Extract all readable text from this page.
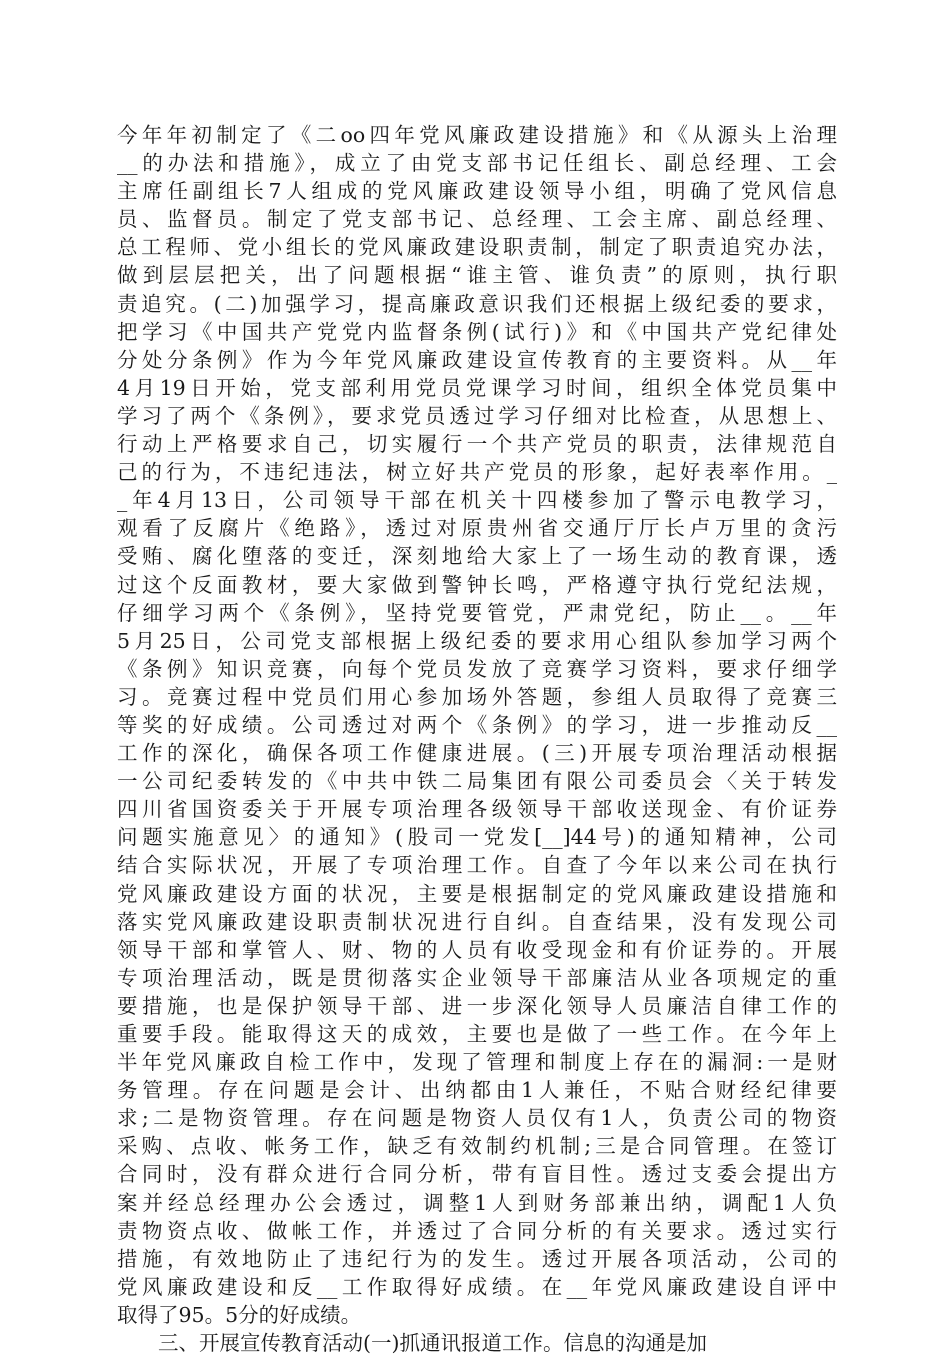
今年年初制定了《二oo四年党风廉政建设措施》和《从源头上治理
__的办法和措施》，成立了由党支部书记任组长、副总经理、工会
主席任副组长7人组成的党风廉政建设领导小组，明确了党风信息
员、监督员。制定了党支部书记、总经理、工会主席、副总经理、
总工程师、党小组长的党风廉政建设职责制，制定了职责追究办法，
做到层层把关，出了问题根据“谁主管、谁负责”的原则，执行职
责追究。(二)加强学习，提高廉政意识我们还根据上级纪委的要求，
把学习《中国共产党党内监督条例(试行)》和《中国共产党纪律处
分处分条例》作为今年党风廉政建设宣传教育的主要资料。从__年
4月19日开始，党支部利用党员党课学习时间，组织全体党员集中
学习了两个《条例》，要求党员透过学习仔细对比检查，从思想上、
行动上严格要求自己，切实履行一个共产党员的职责，法律规范自
己的行为，不违纪违法，树立好共产党员的形象，起好表率作用。_
_年4月13日，公司领导干部在机关十四楼参加了警示电教学习，
观看了反腐片《绝路》，透过对原贵州省交通厅厅长卢万里的贪污
受贿、腐化堕落的变迁，深刻地给大家上了一场生动的教育课，透
过这个反面教材，要大家做到警钟长鸣，严格遵守执行党纪法规，
仔细学习两个《条例》，坚持党要管党，严肃党纪，防止__。__年
5月25日，公司党支部根据上级纪委的要求用心组队参加学习两个
《条例》知识竞赛，向每个党员发放了竞赛学习资料，要求仔细学
习。竞赛过程中党员们用心参加场外答题，参组人员取得了竞赛三
等奖的好成绩。公司透过对两个《条例》的学习，进一步推动反__
工作的深化，确保各项工作健康进展。(三)开展专项治理活动根据
一公司纪委转发的《中共中铁二局集团有限公司委员会〈关于转发
四川省国资委关于开展专项治理各级领导干部收送现金、有价证券
问题实施意见〉的通知》(股司一党发[__]44号)的通知精神，公司
结合实际状况，开展了专项治理工作。自查了今年以来公司在执行
党风廉政建设方面的状况，主要是根据制定的党风廉政建设措施和
落实党风廉政建设职责制状况进行自纠。自查结果，没有发现公司
领导干部和掌管人、财、物的人员有收受现金和有价证券的。开展
专项治理活动，既是贯彻落实企业领导干部廉洁从业各项规定的重
要措施，也是保护领导干部、进一步深化领导人员廉洁自律工作的
重要手段。能取得这天的成效，主要也是做了一些工作。在今年上
半年党风廉政自检工作中，发现了管理和制度上存在的漏洞:一是财
务管理。存在问题是会计、出纳都由1人兼任，不贴合财经纪律要
求;二是物资管理。存在问题是物资人员仅有1人，负责公司的物资
采购、点收、帐务工作，缺乏有效制约机制;三是合同管理。在签订
合同时，没有群众进行合同分析，带有盲目性。透过支委会提出方
案并经总经理办公会透过，调整1人到财务部兼出纳，调配1人负
责物资点收、做帐工作，并透过了合同分析的有关要求。透过实行
措施，有效地防止了违纪行为的发生。透过开展各项活动，公司的
党风廉政建设和反__工作取得好成绩。在__年党风廉政建设自评中
取得了95。5分的好成绩。
三、开展宣传教育活动(一)抓通讯报道工作。信息的沟通是加
